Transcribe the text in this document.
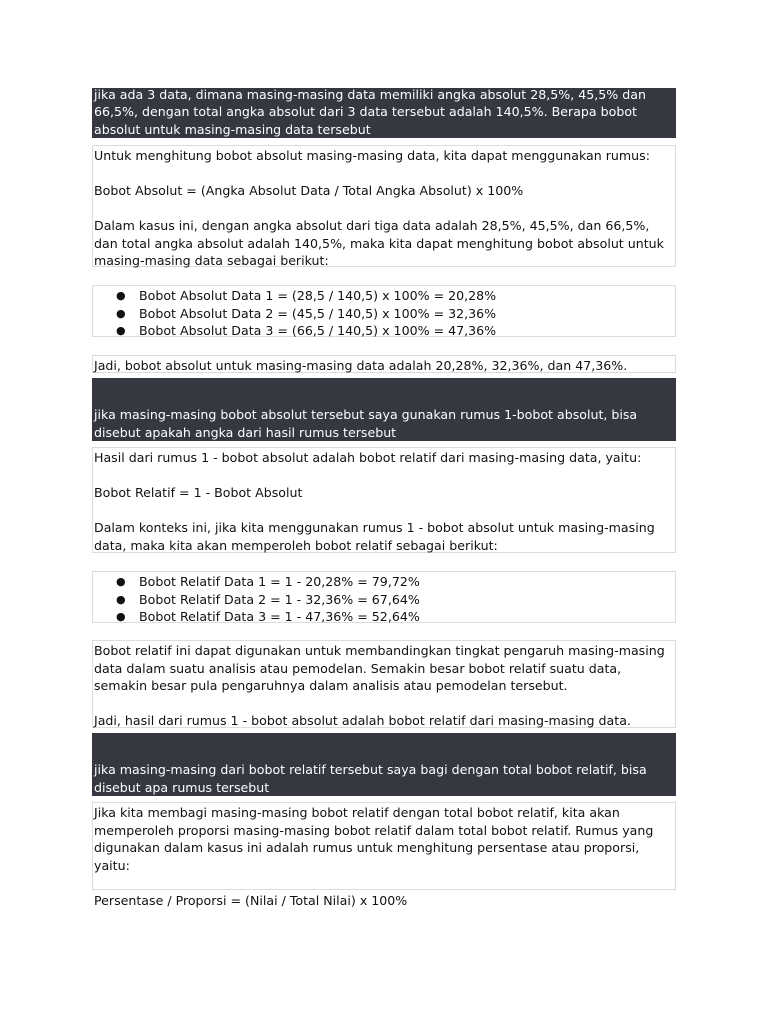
jika ada 3 data, dimana masing-masing data memiliki angka absolut 28,5%, 45,5% dan 66,5%, dengan total angka absolut dari 3 data tersebut adalah 140,5%. Berapa bobot absolut untuk masing-masing data tersebut

Untuk menghitung bobot absolut masing-masing data, kita dapat menggunakan rumus:

Bobot Absolut = (Angka Absolut Data / Total Angka Absolut) x 100%

Dalam kasus ini, dengan angka absolut dari tiga data adalah 28,5%, 45,5%, dan 66,5%, dan total angka absolut adalah 140,5%, maka kita dapat menghitung bobot absolut untuk masing-masing data sebagai berikut:

● Bobot Absolut Data 1 = (28,5 / 140,5) x 100% = 20,28%
● Bobot Absolut Data 2 = (45,5 / 140,5) x 100% = 32,36%
● Bobot Absolut Data 3 = (66,5 / 140,5) x 100% = 47,36%

Jadi, bobot absolut untuk masing-masing data adalah 20,28%, 32,36%, dan 47,36%.

jika masing-masing bobot absolut tersebut saya gunakan rumus 1-bobot absolut, bisa disebut apakah angka dari hasil rumus tersebut

Hasil dari rumus 1 - bobot absolut adalah bobot relatif dari masing-masing data, yaitu:

Bobot Relatif = 1 - Bobot Absolut

Dalam konteks ini, jika kita menggunakan rumus 1 - bobot absolut untuk masing-masing data, maka kita akan memperoleh bobot relatif sebagai berikut:

● Bobot Relatif Data 1 = 1 - 20,28% = 79,72%
● Bobot Relatif Data 2 = 1 - 32,36% = 67,64%
● Bobot Relatif Data 3 = 1 - 47,36% = 52,64%

Bobot relatif ini dapat digunakan untuk membandingkan tingkat pengaruh masing-masing data dalam suatu analisis atau pemodelan. Semakin besar bobot relatif suatu data, semakin besar pula pengaruhnya dalam analisis atau pemodelan tersebut.

Jadi, hasil dari rumus 1 - bobot absolut adalah bobot relatif dari masing-masing data.

jika masing-masing dari bobot relatif tersebut saya bagi dengan total bobot relatif, bisa disebut apa rumus tersebut

Jika kita membagi masing-masing bobot relatif dengan total bobot relatif, kita akan memperoleh proporsi masing-masing bobot relatif dalam total bobot relatif. Rumus yang digunakan dalam kasus ini adalah rumus untuk menghitung persentase atau proporsi, yaitu:

Persentase / Proporsi = (Nilai / Total Nilai) x 100%
